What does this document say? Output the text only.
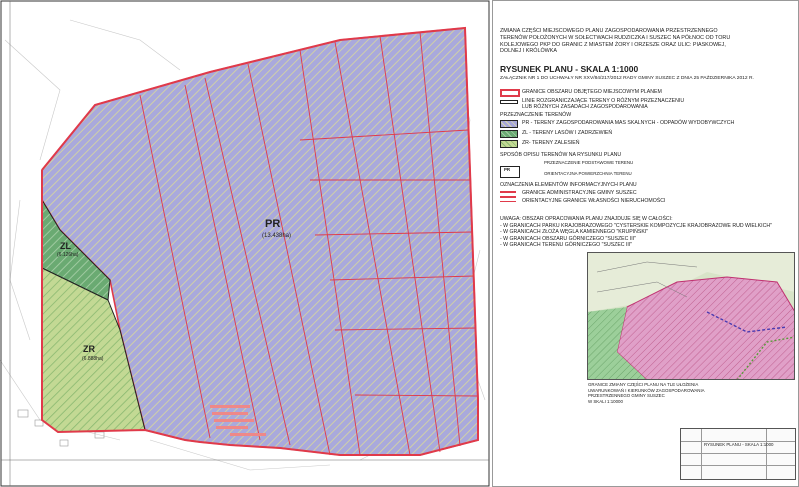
PR
(13.438ha)
ZL
(6.126ha)
ZR
(6.888ha)
ZMIANA CZĘŚCI MIEJSCOWEGO PLANU ZAGOSPODAROWANIA PRZESTRZENNEGO
TERENÓW POŁOŻONYCH W SOŁECTWACH RUDZICZKA I SUSZEC NA PÓŁNOC OD TORU
KOLEJOWEGO PKP DO GRANIC Z MIASTEM ŻORY I ORZESZE ORAZ ULIC: PIASKOWEJ,
DOLNEJ I KRÓLÓWKA
RYSUNEK PLANU - SKALA 1:1000
ZAŁĄCZNIK NR 1 DO UCHWAŁY NR XXV/84/217/2012 RADY GMINY SUSZEC Z DNIA 25 PAŹDZIERNIKA 2012 R.
GRANICE OBSZARU OBJĘTEGO MIEJSCOWYM PLANEM
LINIE ROZGRANICZAJĄCE TERENY O RÓŻNYM PRZEZNACZENIU
LUB RÓŻNYCH ZASADACH ZAGOSPODAROWANIA
PRZEZNACZENIE TERENÓW
PR - TERENY ZAGOSPODAROWANIA MAS SKALNYCH - ODPADÓW WYDOBYWCZYCH
ZL - TERENY LASÓW I ZADRZEWIEŃ
ZR- TERENY ZALESIEŃ
SPOSÓB OPISU TERENÓW NA RYSUNKU PLANU
PRZEZNACZENIE PODSTAWOWE TERENU
PR
ORIENTACYJNA POWIERZCHNIA TERENU
OZNACZENIA ELEMENTÓW INFORMACYJNYCH PLANU
GRANICE ADMINISTRACYJNE GMINY SUSZEC
ORIENTACYJNE GRANICE WŁASNOŚCI NIERUCHOMOŚCI
UWAGA: OBSZAR OPRACOWANIA PLANU ZNAJDUJE SIĘ W CAŁOŚCI:
- W GRANICACH PARKU KRAJOBRAZOWEGO "CYSTERSKIE KOMPOZYCJE KRAJOBRAZOWE RUD WIELKICH"
- W GRANICACH ZŁOŻA WĘGLA KAMIENNEGO "KRUPIŃSKI"
- W GRANICACH OBSZARU GÓRNICZEGO "SUSZEC III"
- W GRANICACH TERENU GÓRNICZEGO "SUSZEC III"
GRANICE ZMIANY CZĘŚCI PLANU NA TLE UŁOŻENIA
UWARUNKOWAŃ I KIERUNKÓW ZAGOSPODAROWANIA
PRZESTRZENNEGO GMINY SUSZEC
W SKALI 1:10000
RYSUNEK PLANU - SKALA 1:1000
